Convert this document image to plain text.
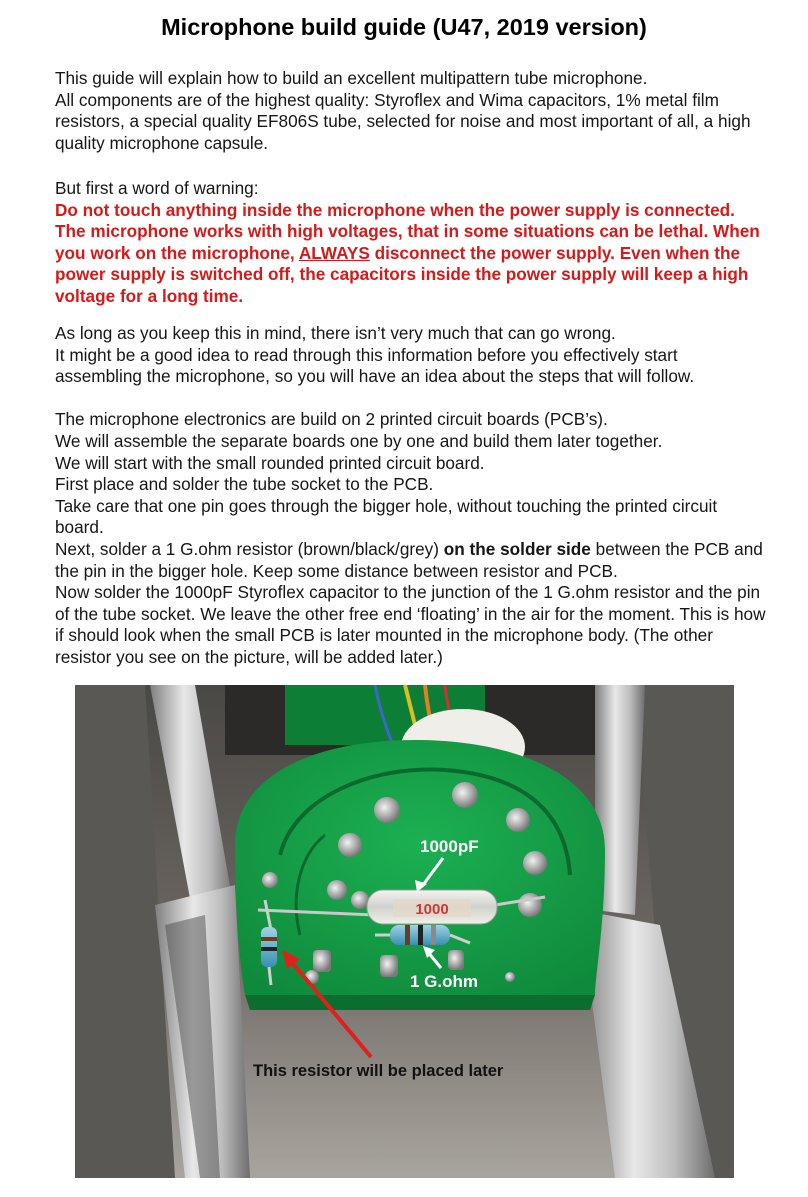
Microphone build guide (U47, 2019 version)

This guide will explain how to build an excellent multipattern tube microphone.

All components are of the highest quality: Styroflex and Wima capacitors, 1% metal film resistors, a special quality EF806S tube, selected for noise and most important of all, a high quality microphone capsule.

But first a word of warning:

Do not touch anything inside the microphone when the power supply is connected. The microphone works with high voltages, that in some situations can be lethal. When you work on the microphone, ALWAYS disconnect the power supply. Even when the power supply is switched off, the capacitors inside the power supply will keep a high voltage for a long time.

As long as you keep this in mind, there isn’t very much that can go wrong.

It might be a good idea to read through this information before you effectively start assembling the microphone, so you will have an idea about the steps that will follow.

The microphone electronics are build on 2 printed circuit boards (PCB’s).

We will assemble the separate boards one by one and build them later together.

We will start with the small rounded printed circuit board.

First place and solder the tube socket to the PCB.

Take care that one pin goes through the bigger hole, without touching the printed circuit board.

Next, solder a 1 G.ohm resistor (brown/black/grey) on the solder side between the PCB and the pin in the bigger hole. Keep some distance between resistor and PCB.

Now solder the 1000pF Styroflex capacitor to the junction of the 1 G.ohm resistor and the pin of the tube socket. We leave the other free end ‘floating’ in the air for the moment. This is how if should look when the small PCB is later mounted in the microphone body. (The other resistor you see on the picture, will be added later.)

1000
1000pF
1 G.ohm
This resistor will be placed later
